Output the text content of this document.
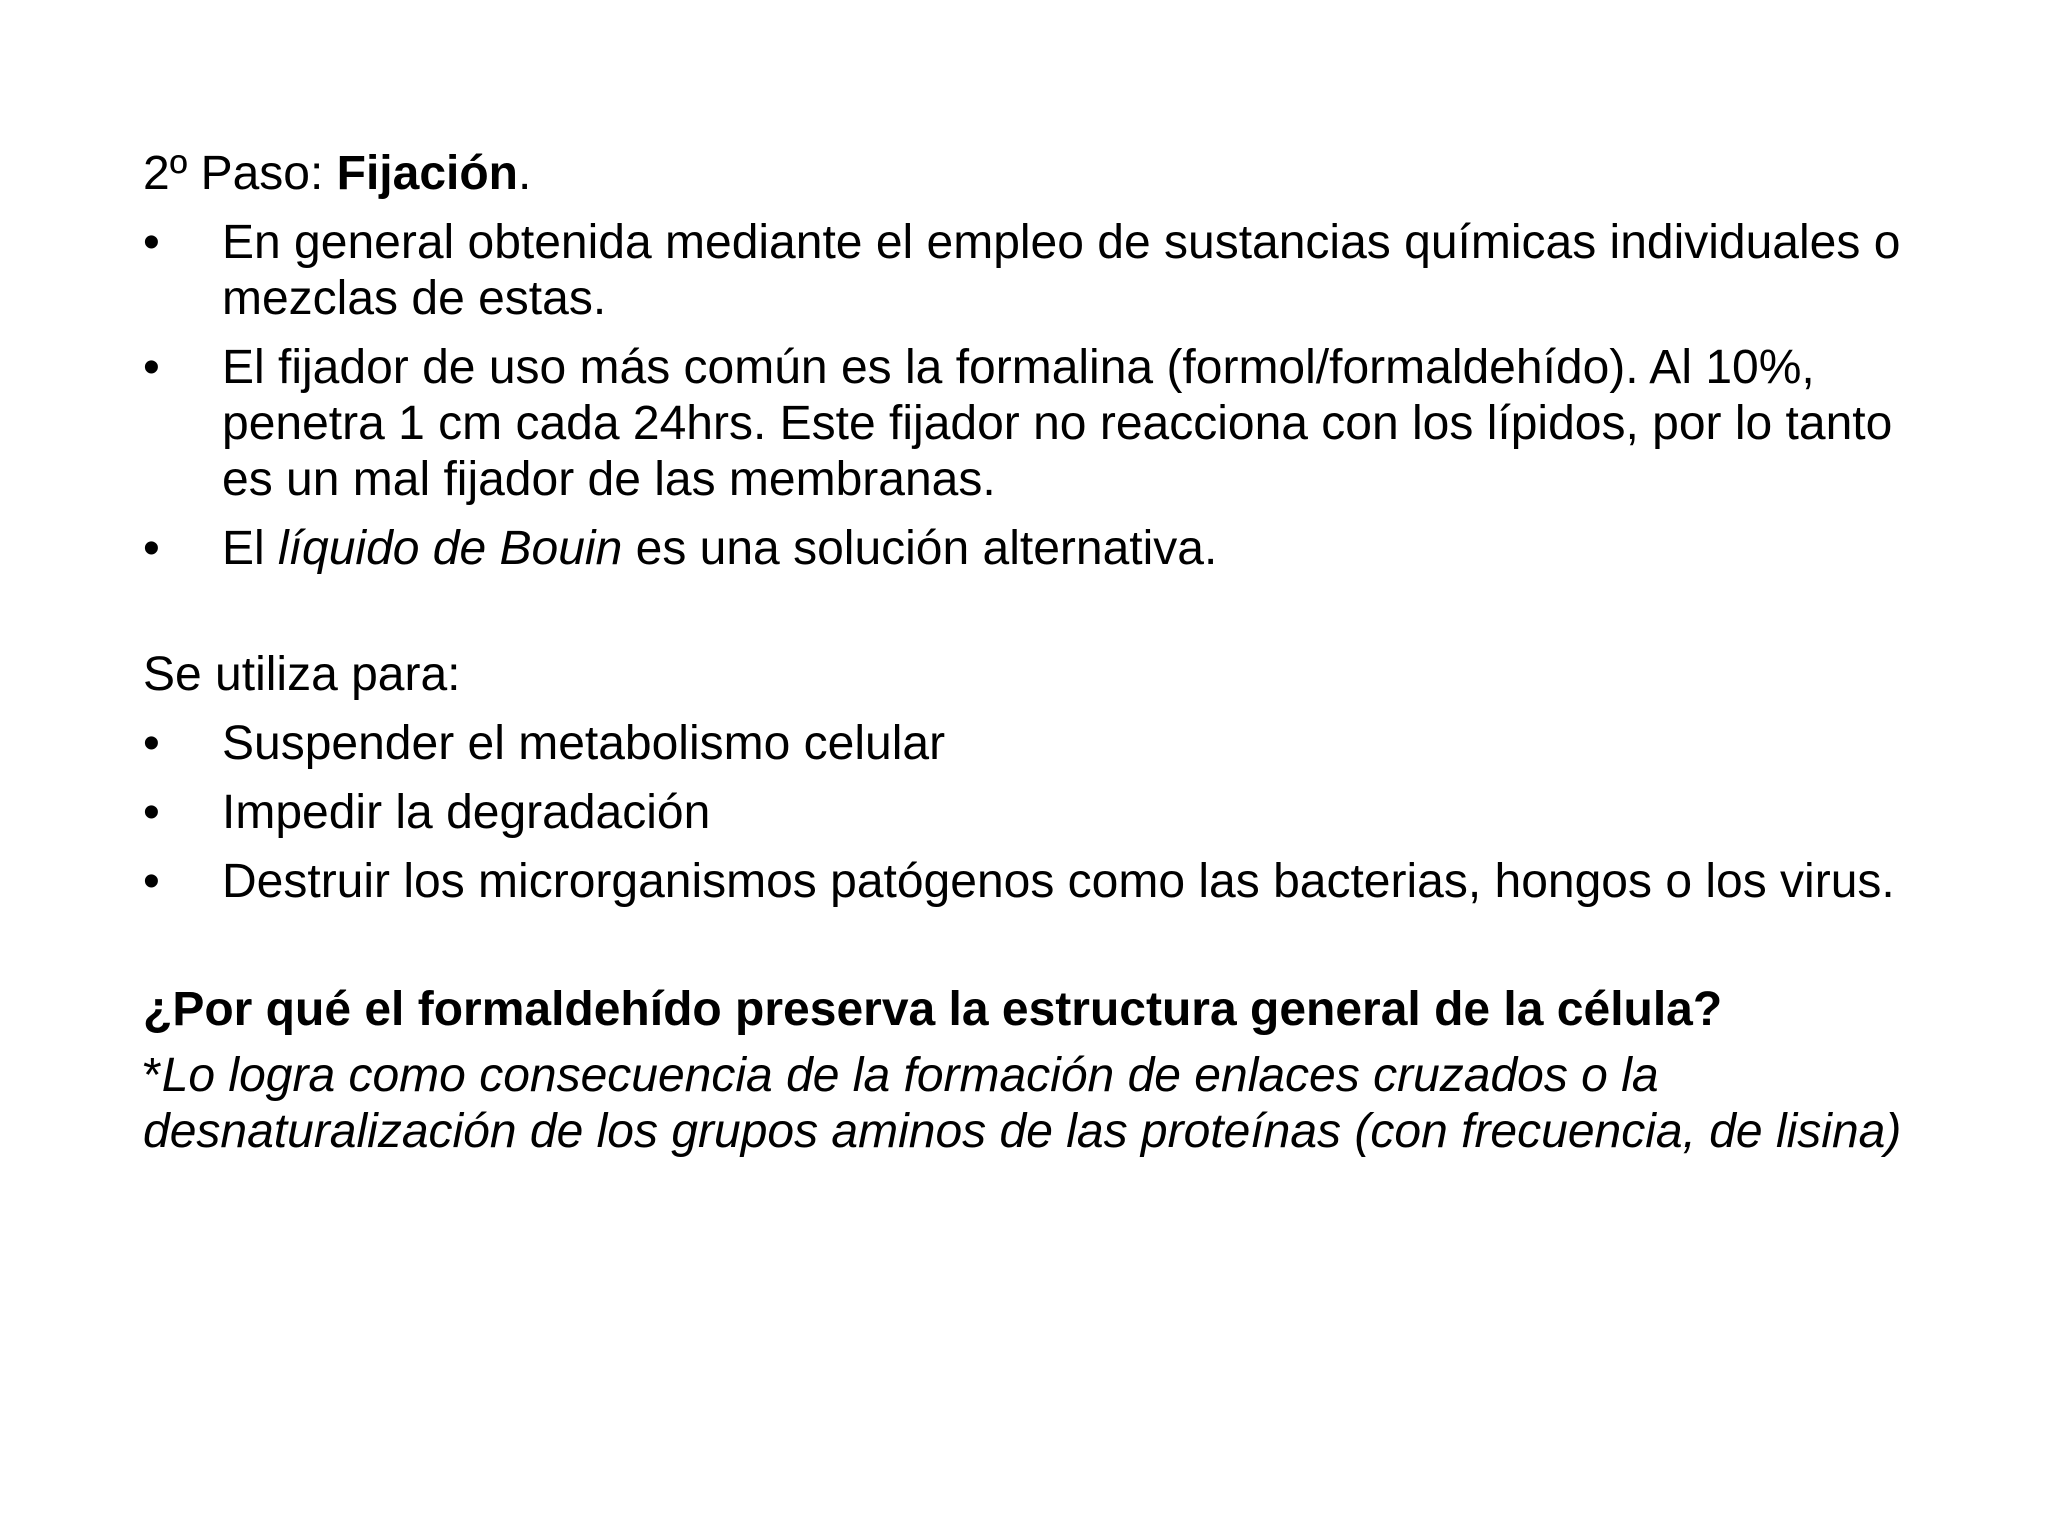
2º Paso: Fijación.

•	En general obtenida mediante el empleo de sustancias químicas individuales o mezclas de estas.
•	El fijador de uso más común es la formalina (formol/formaldehído). Al 10%, penetra 1 cm cada 24hrs. Este fijador no reacciona con los lípidos, por lo tanto es un mal fijador de las membranas.
•	El líquido de Bouin es una solución alternativa.

Se utiliza para:

•	Suspender el metabolismo celular
•	Impedir la degradación
•	Destruir los microrganismos patógenos como las bacterias, hongos o los virus.

¿Por qué el formaldehído preserva la estructura general de la célula?

*Lo logra como consecuencia de la formación de enlaces cruzados o la desnaturalización de los grupos aminos de las proteínas (con frecuencia, de lisina)
